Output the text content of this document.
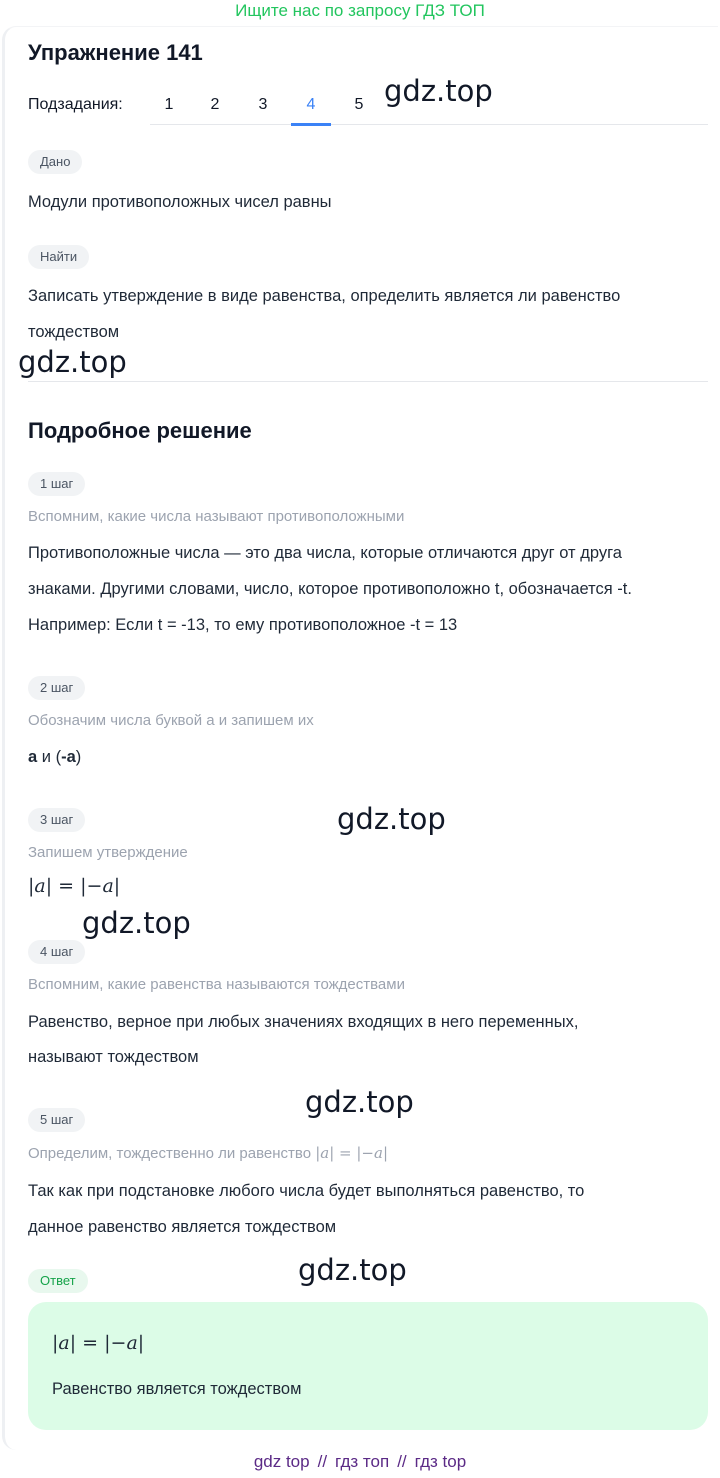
Ищите нас по запросу ГДЗ ТОП
Упражнение 141
Подзадания:	1	2	3	4	5 gdz.top
Дано
Модули противоположных чисел равны
Найти
Записать утверждение в виде равенства, определить является ли равенство
тождеством
gdz.top
Подробное решение
1 шаг
Вспомним, какие числа называют противоположными
Противоположные числа — это два числа, которые отличаются друг от друга
знаками. Другими словами, число, которое противоположно t, обозначается -t.
Например: Если t = -13, то ему противоположное -t = 13
2 шаг
Обозначим числа буквой а и запишем их
а и (-а)
gdz.top
3 шаг
Запишем утверждение
|a| = |−a|
gdz.top
4 шаг
Вспомним, какие равенства называются тождествами
Равенство, верное при любых значениях входящих в него переменных,
называют тождеством
gdz.top
5 шаг
Определим, тождественно ли равенство |a| = |−a|
Так как при подстановке любого числа будет выполняться равенство, то
данное равенство является тождеством
gdz.top
Ответ
|a| = |−a|
Равенство является тождеством
gdz top // гдз топ // гдз top
